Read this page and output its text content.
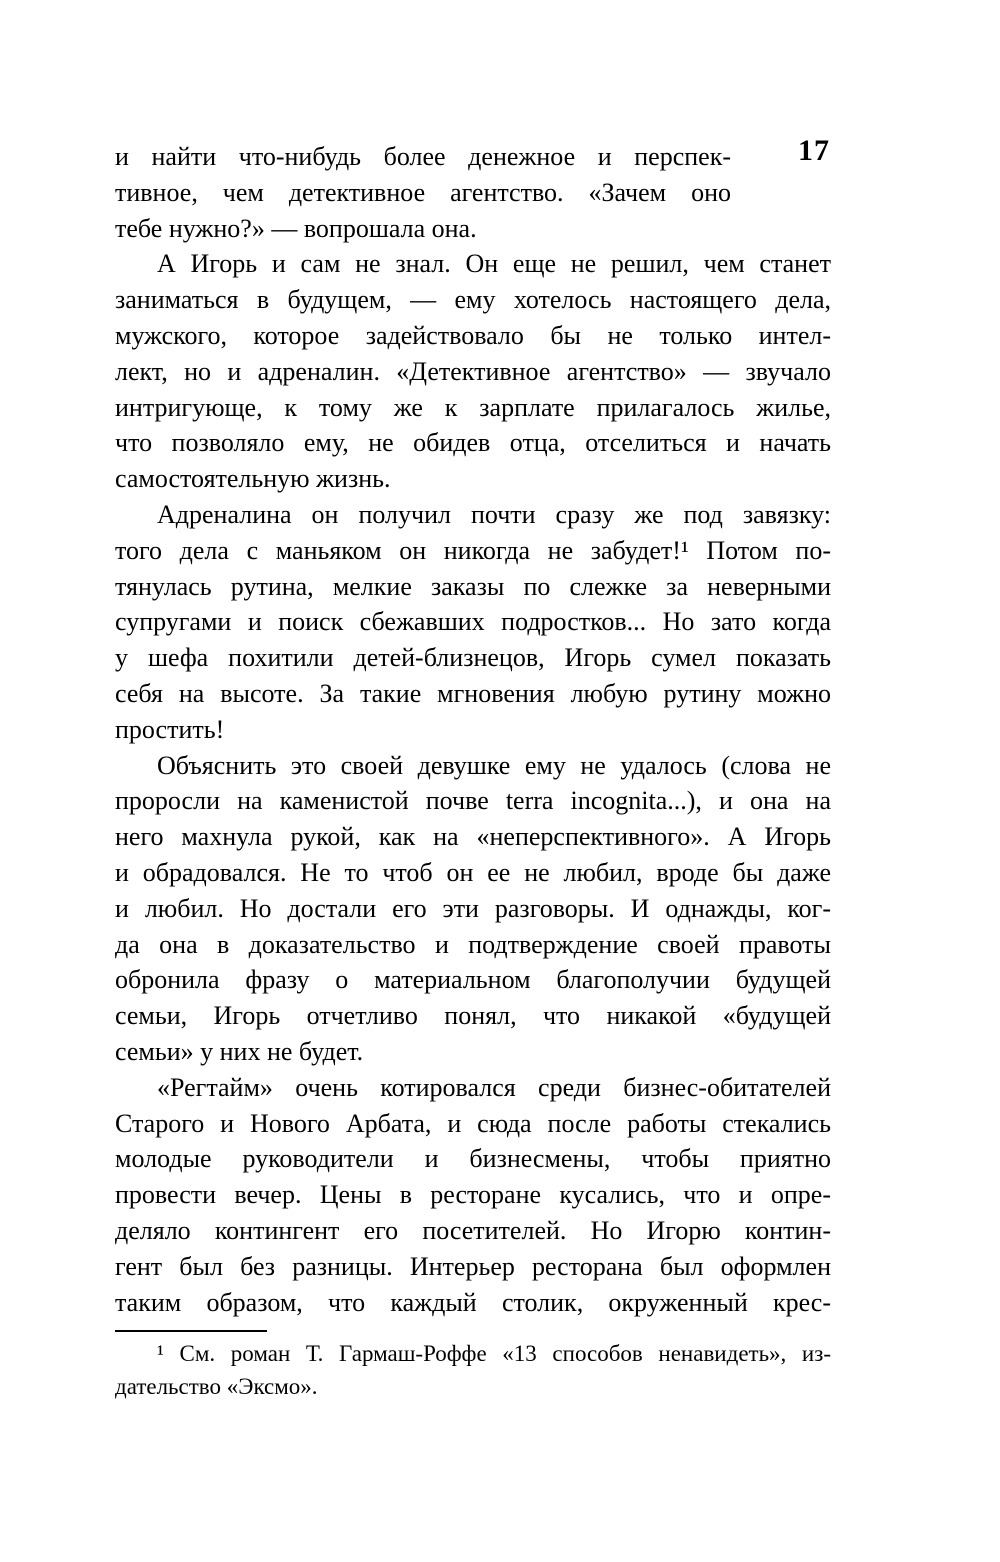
17
и найти что-нибудь более денежное и перспек-
тивное, чем детективное агентство. «Зачем оно
тебе нужно?» — вопрошала она.
А Игорь и сам не знал. Он еще не решил, чем станет
заниматься в будущем, — ему хотелось настоящего дела,
мужского, которое задействовало бы не только интел-
лект, но и адреналин. «Детективное агентство» — звучало
интригующе, к тому же к зарплате прилагалось жилье,
что позволяло ему, не обидев отца, отселиться и начать
самостоятельную жизнь.
Адреналина он получил почти сразу же под завязку:
того дела с маньяком он никогда не забудет!¹ Потом по-
тянулась рутина, мелкие заказы по слежке за неверными
супругами и поиск сбежавших подростков... Но зато когда
у шефа похитили детей-близнецов, Игорь сумел показать
себя на высоте. За такие мгновения любую рутину можно
простить!
Объяснить это своей девушке ему не удалось (слова не
проросли на каменистой почве terra incognita...), и она на
него махнула рукой, как на «неперспективного». А Игорь
и обрадовался. Не то чтоб он ее не любил, вроде бы даже
и любил. Но достали его эти разговоры. И однажды, ког-
да она в доказательство и подтверждение своей правоты
обронила фразу о материальном благополучии будущей
семьи, Игорь отчетливо понял, что никакой «будущей
семьи» у них не будет.
«Регтайм» очень котировался среди бизнес-обитателей
Старого и Нового Арбата, и сюда после работы стекались
молодые руководители и бизнесмены, чтобы приятно
провести вечер. Цены в ресторане кусались, что и опре-
деляло контингент его посетителей. Но Игорю контин-
гент был без разницы. Интерьер ресторана был оформлен
таким образом, что каждый столик, окруженный крес-
¹ См. роман Т. Гармаш-Роффе «13 способов ненавидеть», из-
дательство «Эксмо».
